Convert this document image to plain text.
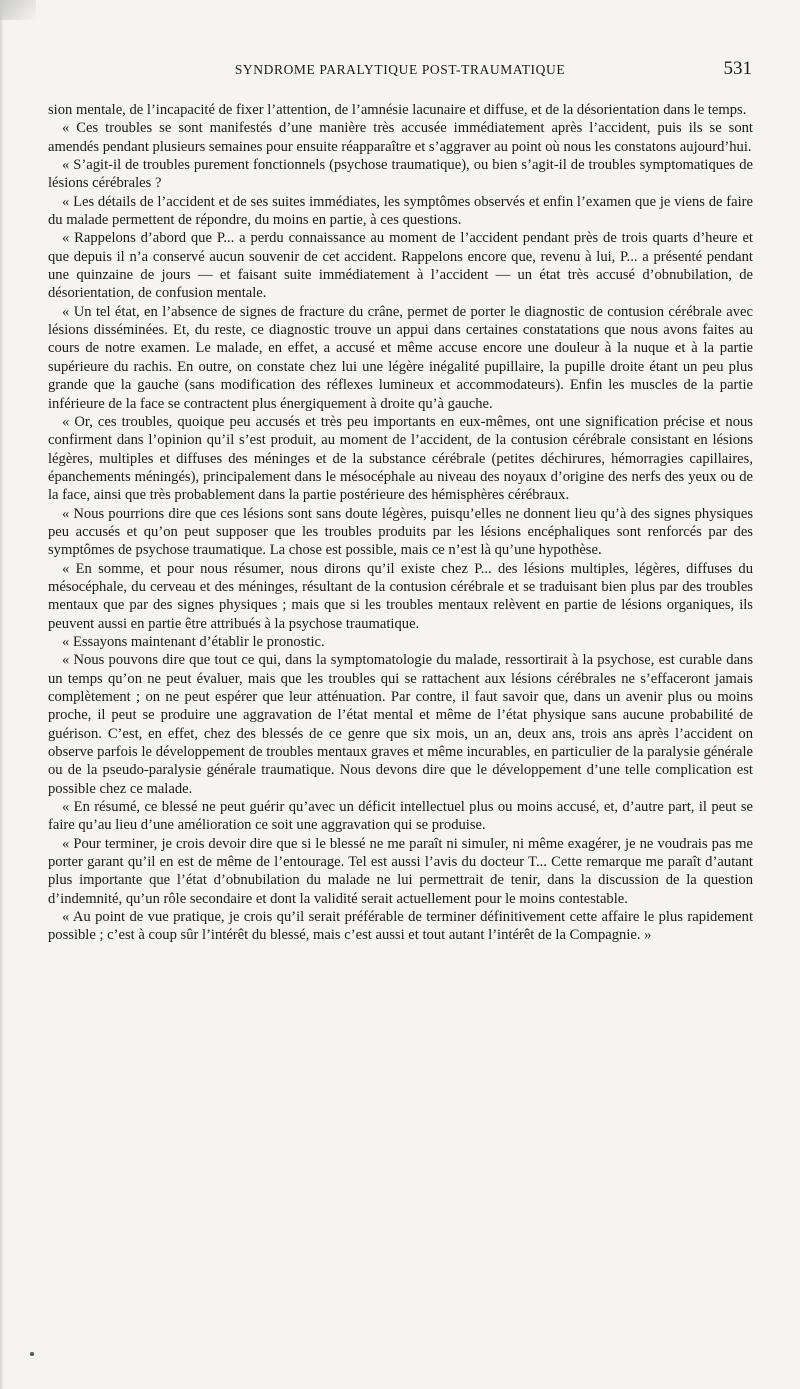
SYNDROME PARALYTIQUE POST-TRAUMATIQUE	531

sion mentale, de l’incapacité de fixer l’attention, de l’amnésie lacunaire et diffuse, et de la désorientation dans le temps.

« Ces troubles se sont manifestés d’une manière très accusée immédiatement après l’accident, puis ils se sont amendés pendant plusieurs semaines pour ensuite réapparaître et s’aggraver au point où nous les constatons aujourd’hui.

« S’agit-il de troubles purement fonctionnels (psychose traumatique), ou bien s’agit-il de troubles symptomatiques de lésions cérébrales ?

« Les détails de l’accident et de ses suites immédiates, les symptômes observés et enfin l’examen que je viens de faire du malade permettent de répondre, du moins en partie, à ces questions.

« Rappelons d’abord que P... a perdu connaissance au moment de l’accident pendant près de trois quarts d’heure et que depuis il n’a conservé aucun souvenir de cet accident. Rappelons encore que, revenu à lui, P... a présenté pendant une quinzaine de jours — et faisant suite immédiatement à l’accident — un état très accusé d’obnubilation, de désorientation, de confusion mentale.

« Un tel état, en l’absence de signes de fracture du crâne, permet de porter le diagnostic de contusion cérébrale avec lésions disséminées. Et, du reste, ce diagnostic trouve un appui dans certaines constatations que nous avons faites au cours de notre examen. Le malade, en effet, a accusé et même accuse encore une douleur à la nuque et à la partie supérieure du rachis. En outre, on constate chez lui une légère inégalité pupillaire, la pupille droite étant un peu plus grande que la gauche (sans modification des réflexes lumineux et accommodateurs). Enfin les muscles de la partie inférieure de la face se contractent plus énergiquement à droite qu’à gauche.

« Or, ces troubles, quoique peu accusés et très peu importants en eux-mêmes, ont une signification précise et nous confirment dans l’opinion qu’il s’est produit, au moment de l’accident, de la contusion cérébrale consistant en lésions légères, multiples et diffuses des méninges et de la substance cérébrale (petites déchirures, hémorragies capillaires, épanchements méningés), principalement dans le mésocéphale au niveau des noyaux d’origine des nerfs des yeux ou de la face, ainsi que très probablement dans la partie postérieure des hémisphères cérébraux.

« Nous pourrions dire que ces lésions sont sans doute légères, puisqu’elles ne donnent lieu qu’à des signes physiques peu accusés et qu’on peut supposer que les troubles produits par les lésions encéphaliques sont renforcés par des symptômes de psychose traumatique. La chose est possible, mais ce n’est là qu’une hypothèse.

« En somme, et pour nous résumer, nous dirons qu’il existe chez P... des lésions multiples, légères, diffuses du mésocéphale, du cerveau et des méninges, résultant de la contusion cérébrale et se traduisant bien plus par des troubles mentaux que par des signes physiques ; mais que si les troubles mentaux relèvent en partie de lésions organiques, ils peuvent aussi en partie être attribués à la psychose traumatique.

« Essayons maintenant d’établir le pronostic.

« Nous pouvons dire que tout ce qui, dans la symptomatologie du malade, ressortirait à la psychose, est curable dans un temps qu’on ne peut évaluer, mais que les troubles qui se rattachent aux lésions cérébrales ne s’effaceront jamais complètement ; on ne peut espérer que leur atténuation. Par contre, il faut savoir que, dans un avenir plus ou moins proche, il peut se produire une aggravation de l’état mental et même de l’état physique sans aucune probabilité de guérison. C’est, en effet, chez des blessés de ce genre que six mois, un an, deux ans, trois ans après l’accident on observe parfois le développement de troubles mentaux graves et même incurables, en particulier de la paralysie générale ou de la pseudo-paralysie générale traumatique. Nous devons dire que le développement d’une telle complication est possible chez ce malade.

« En résumé, ce blessé ne peut guérir qu’avec un déficit intellectuel plus ou moins accusé, et, d’autre part, il peut se faire qu’au lieu d’une amélioration ce soit une aggravation qui se produise.

« Pour terminer, je crois devoir dire que si le blessé ne me paraît ni simuler, ni même exagérer, je ne voudrais pas me porter garant qu’il en est de même de l’entourage. Tel est aussi l’avis du docteur T... Cette remarque me paraît d’autant plus importante que l’état d’obnubilation du malade ne lui permettrait de tenir, dans la discussion de la question d’indemnité, qu’un rôle secondaire et dont la validité serait actuellement pour le moins contestable.

« Au point de vue pratique, je crois qu’il serait préférable de terminer définitivement cette affaire le plus rapidement possible ; c’est à coup sûr l’intérêt du blessé, mais c’est aussi et tout autant l’intérêt de la Compagnie. »
